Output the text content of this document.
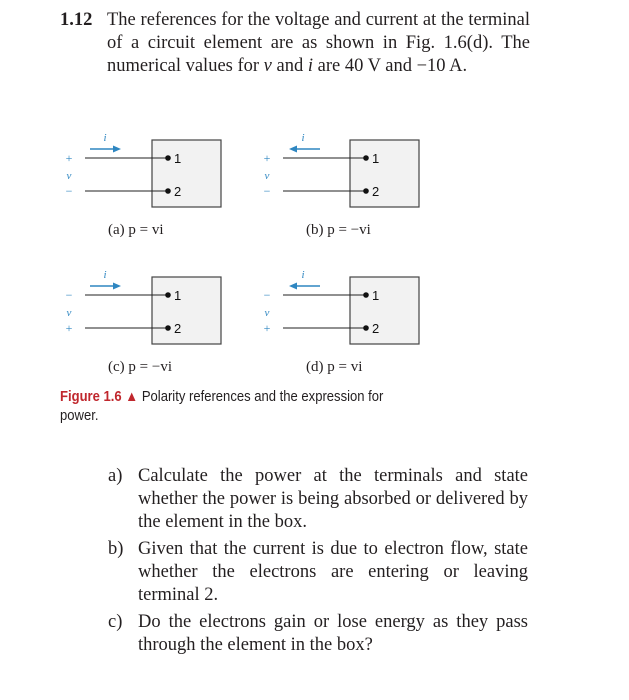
1.12 The references for the voltage and current at the terminal of a circuit element are as shown in Fig. 1.6(d). The numerical values for v and i are 40 V and −10 A.
1
2
+
v
−
i
(a) p = vi
1
2
+
v
−
i
(b) p = −vi
1
2
−
v
+
i
(c) p = −vi
1
2
−
v
+
i
(d) p = vi
Figure 1.6 ▲ Polarity references and the expression for power.
a) Calculate the power at the terminals and state whether the power is being absorbed or delivered by the element in the box.
b) Given that the current is due to electron flow, state whether the electrons are entering or leaving terminal 2.
c) Do the electrons gain or lose energy as they pass through the element in the box?
